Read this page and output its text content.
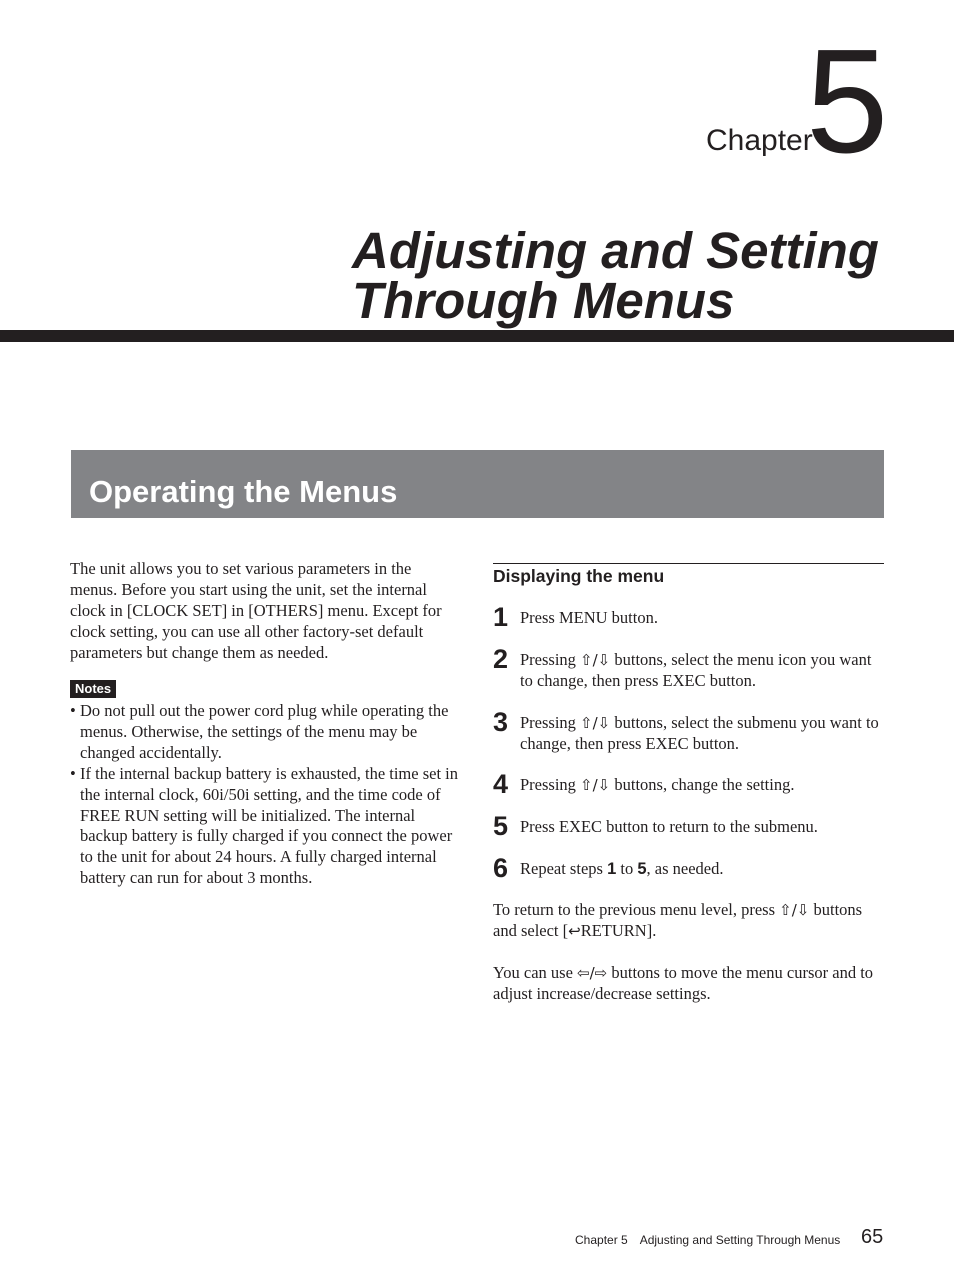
Chapter
5
Adjusting and Setting
Through Menus
Operating the Menus
The unit allows you to set various parameters in the menus. Before you start using the unit, set the internal clock in [CLOCK SET] in [OTHERS] menu. Except for clock setting, you can use all other factory-set default parameters but change them as needed.
Notes
• Do not pull out the power cord plug while operating the menus. Otherwise, the settings of the menu may be changed accidentally.
• If the internal backup battery is exhausted, the time set in the internal clock, 60i/50i setting, and the time code of FREE RUN setting will be initialized. The internal backup battery is fully charged if you connect the power to the unit for about 24 hours. A fully charged internal battery can run for about 3 months.
Displaying the menu
1 Press MENU button.
2 Pressing ⇧/⇩ buttons, select the menu icon you want to change, then press EXEC button.
3 Pressing ⇧/⇩ buttons, select the submenu you want to change, then press EXEC button.
4 Pressing ⇧/⇩ buttons, change the setting.
5 Press EXEC button to return to the submenu.
6 Repeat steps 1 to 5, as needed.
To return to the previous menu level, press ⇧/⇩ buttons and select [↩RETURN].
You can use ⇦/⇨ buttons to move the menu cursor and to adjust increase/decrease settings.
Chapter 5 Adjusting and Setting Through Menus 65
